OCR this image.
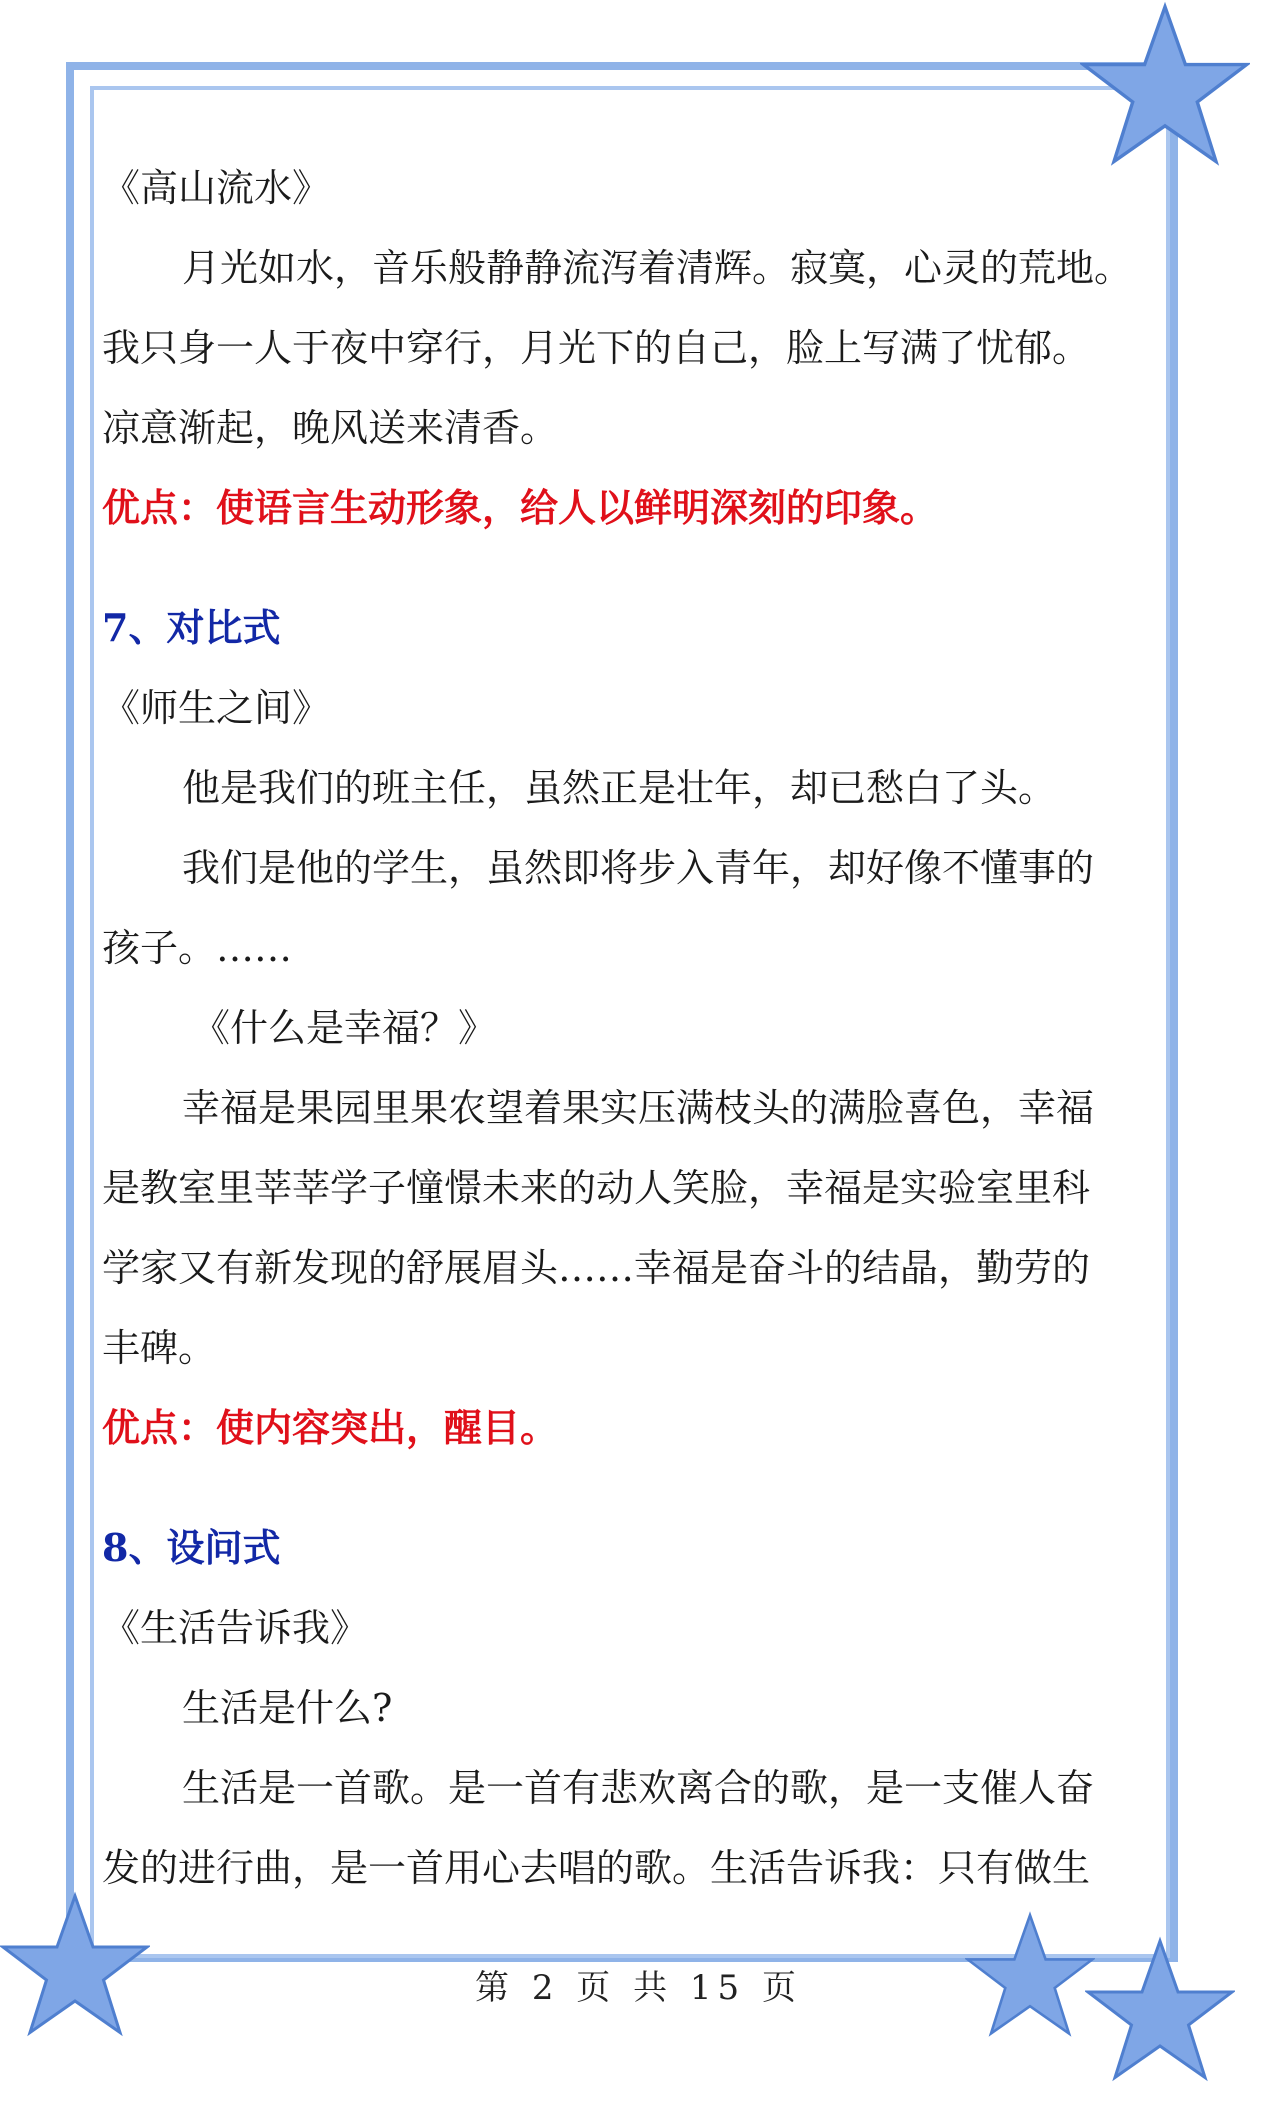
《高山流水》
月光如水，音乐般静静流泻着清辉。寂寞，心灵的荒地。
我只身一人于夜中穿行，月光下的自己，脸上写满了忧郁。
凉意渐起，晚风送来清香。
优点：使语言生动形象，给人以鲜明深刻的印象。
7、对比式
《师生之间》
他是我们的班主任，虽然正是壮年，却已愁白了头。
我们是他的学生，虽然即将步入青年，却好像不懂事的
孩子。……
《什么是幸福？》
幸福是果园里果农望着果实压满枝头的满脸喜色，幸福
是教室里莘莘学子憧憬未来的动人笑脸，幸福是实验室里科
学家又有新发现的舒展眉头……幸福是奋斗的结晶，勤劳的
丰碑。
优点：使内容突出，醒目。
8、设问式
《生活告诉我》
生活是什么?
生活是一首歌。是一首有悲欢离合的歌，是一支催人奋
发的进行曲，是一首用心去唱的歌。生活告诉我：只有做生
第 2 页 共 15 页
